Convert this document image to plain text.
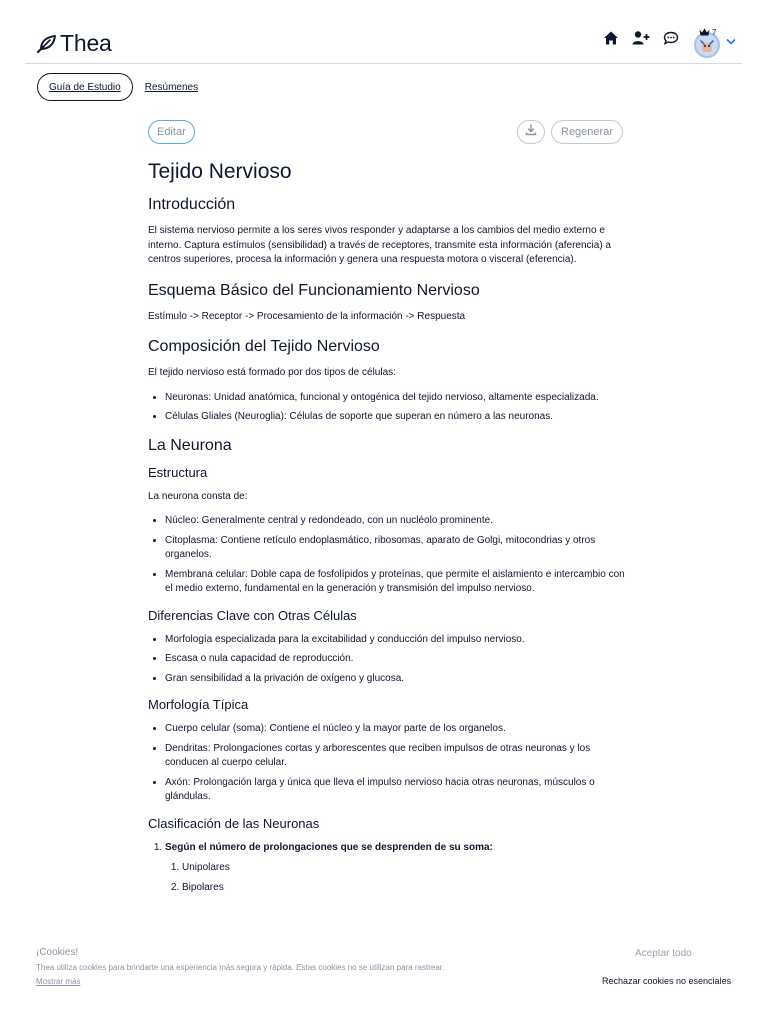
Thea	7
Guía de Estudio	Resúmenes
Editar	Regenerar
Tejido Nervioso
Introducción

El sistema nervioso permite a los seres vivos responder y adaptarse a los cambios del medio externo e interno. Captura estímulos (sensibilidad) a través de receptores, transmite esta información (aferencia) a centros superiores, procesa la información y genera una respuesta motora o visceral (eferencia).

Esquema Básico del Funcionamiento Nervioso

Estímulo -> Receptor -> Procesamiento de la información -> Respuesta

Composición del Tejido Nervioso

El tejido nervioso está formado por dos tipos de células:

• Neuronas: Unidad anatómica, funcional y ontogénica del tejido nervioso, altamente especializada.
• Células Gliales (Neuroglia): Células de soporte que superan en número a las neuronas.
La Neurona
Estructura

La neurona consta de:

• Núcleo: Generalmente central y redondeado, con un nucléolo prominente.
• Citoplasma: Contiene retículo endoplasmático, ribosomas, aparato de Golgi, mitocondrias y otros organelos.
• Membrana celular: Doble capa de fosfolípidos y proteínas, que permite el aislamiento e intercambio con el medio externo, fundamental en la generación y transmisión del impulso nervioso.
Diferencias Clave con Otras Células
• Morfología especializada para la excitabilidad y conducción del impulso nervioso.
• Escasa o nula capacidad de reproducción.
• Gran sensibilidad a la privación de oxígeno y glucosa.
Morfología Típica
• Cuerpo celular (soma): Contiene el núcleo y la mayor parte de los organelos.
• Dendritas: Prolongaciones cortas y arborescentes que reciben impulsos de otras neuronas y los conducen al cuerpo celular.
• Axón: Prolongación larga y única que lleva el impulso nervioso hacia otras neuronas, músculos o glándulas.
Clasificación de las Neuronas
1. Según el número de prolongaciones que se desprenden de su soma:
1. Unipolares
2. Bipolares
¡Cookies!
Thea utiliza cookies para brindarte una experiencia más segura y rápida. Estas cookies no se utilizan para rastrear.
Mostrar más
Aceptar todo
Rechazar cookies no esenciales
